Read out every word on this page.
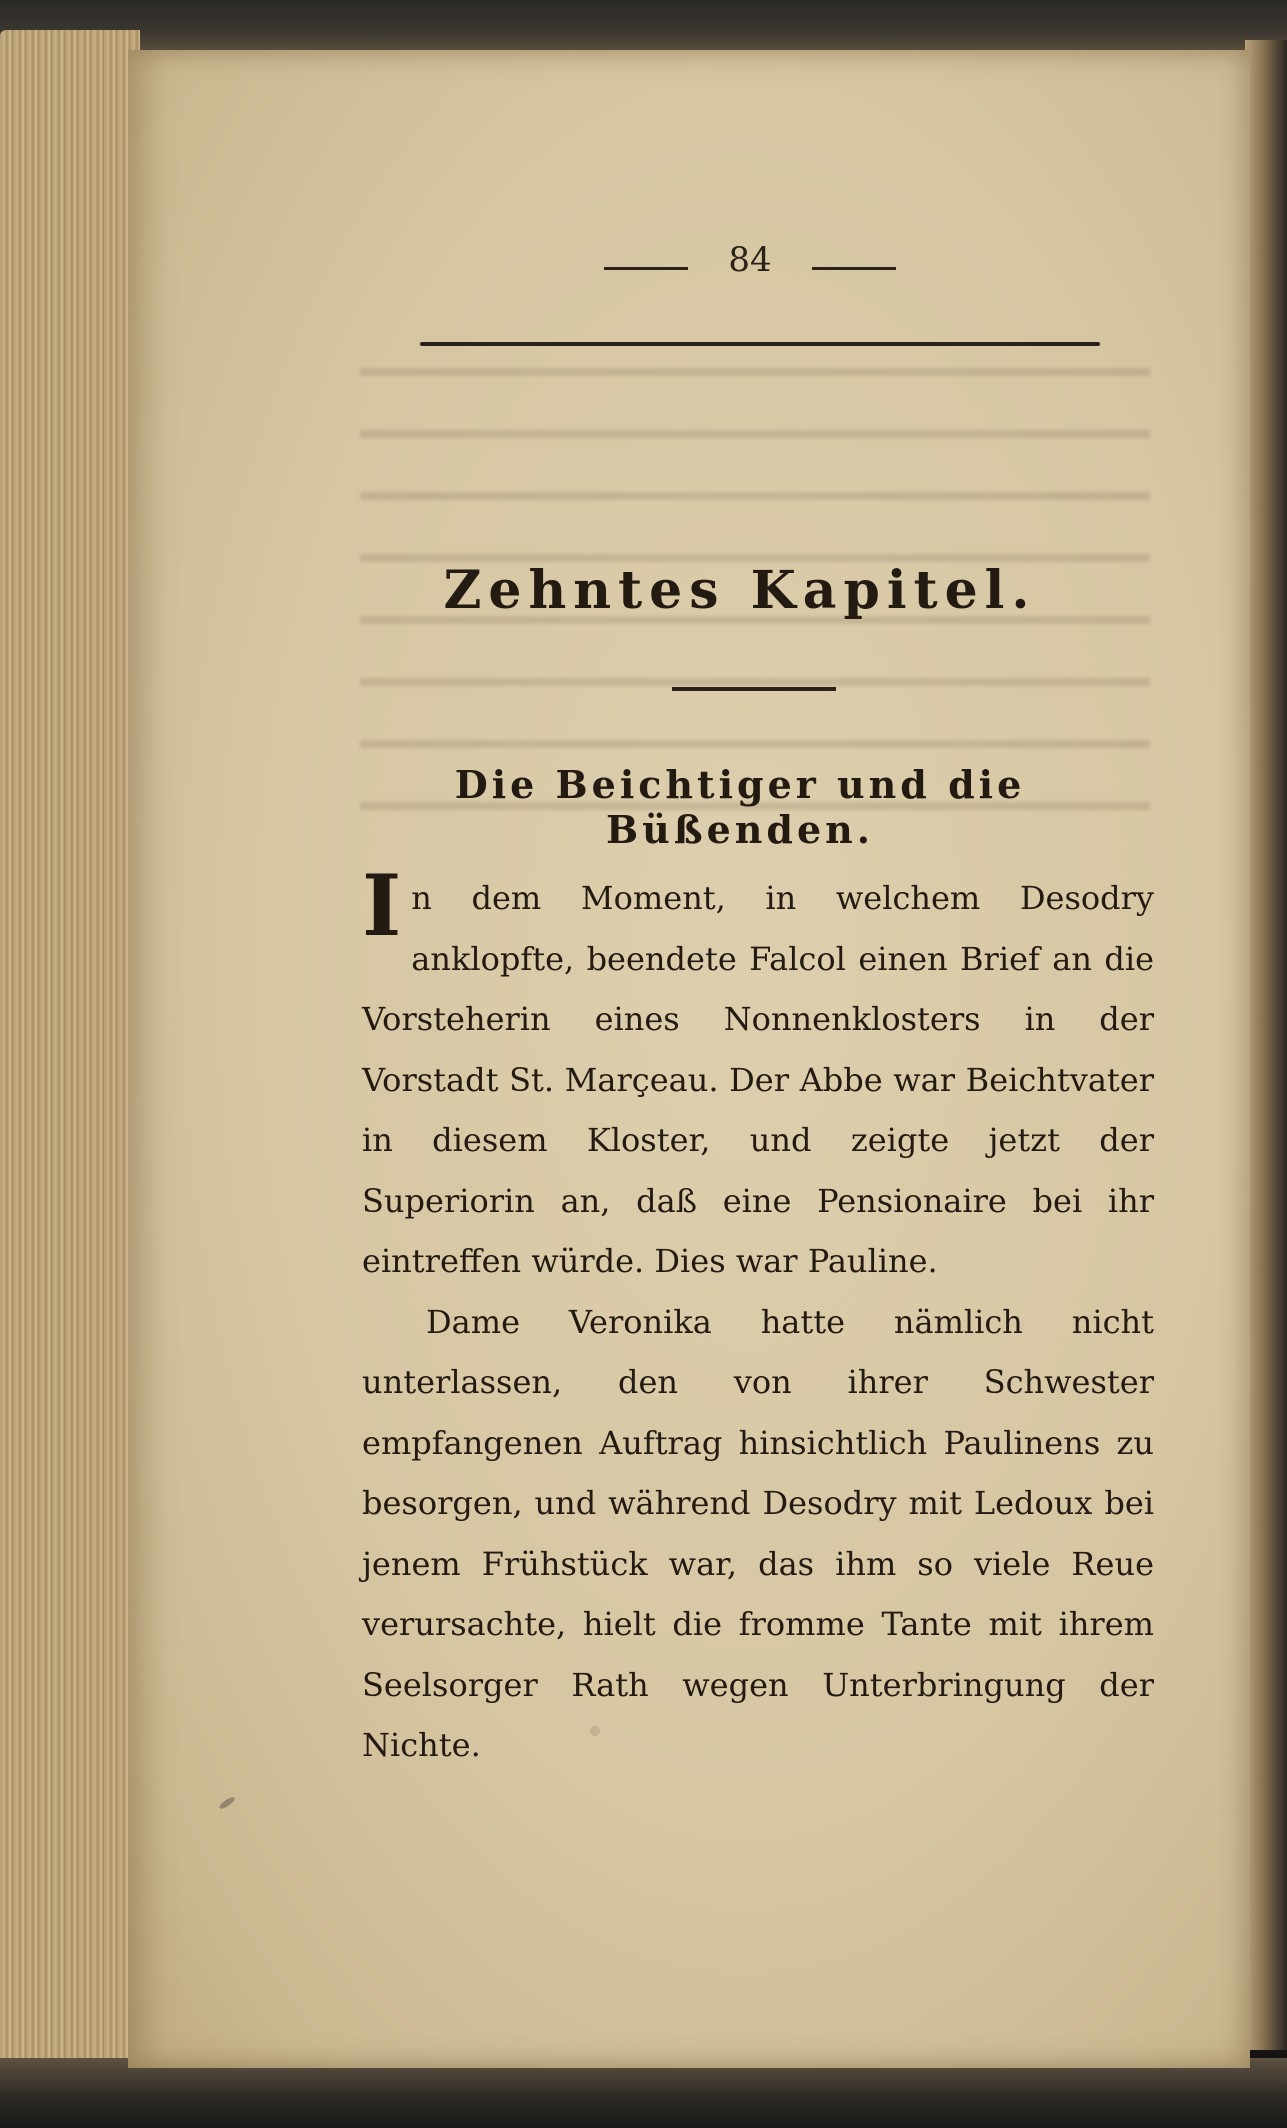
84
Zehntes Kapitel.
Die Beichtiger und die Büßenden.

In dem Moment, in welchem Desodry anklopfte, beendete Falcol einen Brief an die Vorsteherin eines Nonnenklosters in der Vorstadt St. Marçeau. Der Abbe war Beichtvater in diesem Kloster, und zeigte jetzt der Superiorin an, daß eine Pensionaire bei ihr eintreffen würde. Dies war Pauline.

Dame Veronika hatte nämlich nicht unterlassen, den von ihrer Schwester empfangenen Auftrag hinsichtlich Paulinens zu besorgen, und während Desodry mit Ledoux bei jenem Frühstück war, das ihm so viele Reue verursachte, hielt die fromme Tante mit ihrem Seelsorger Rath wegen Unterbringung der Nichte.
